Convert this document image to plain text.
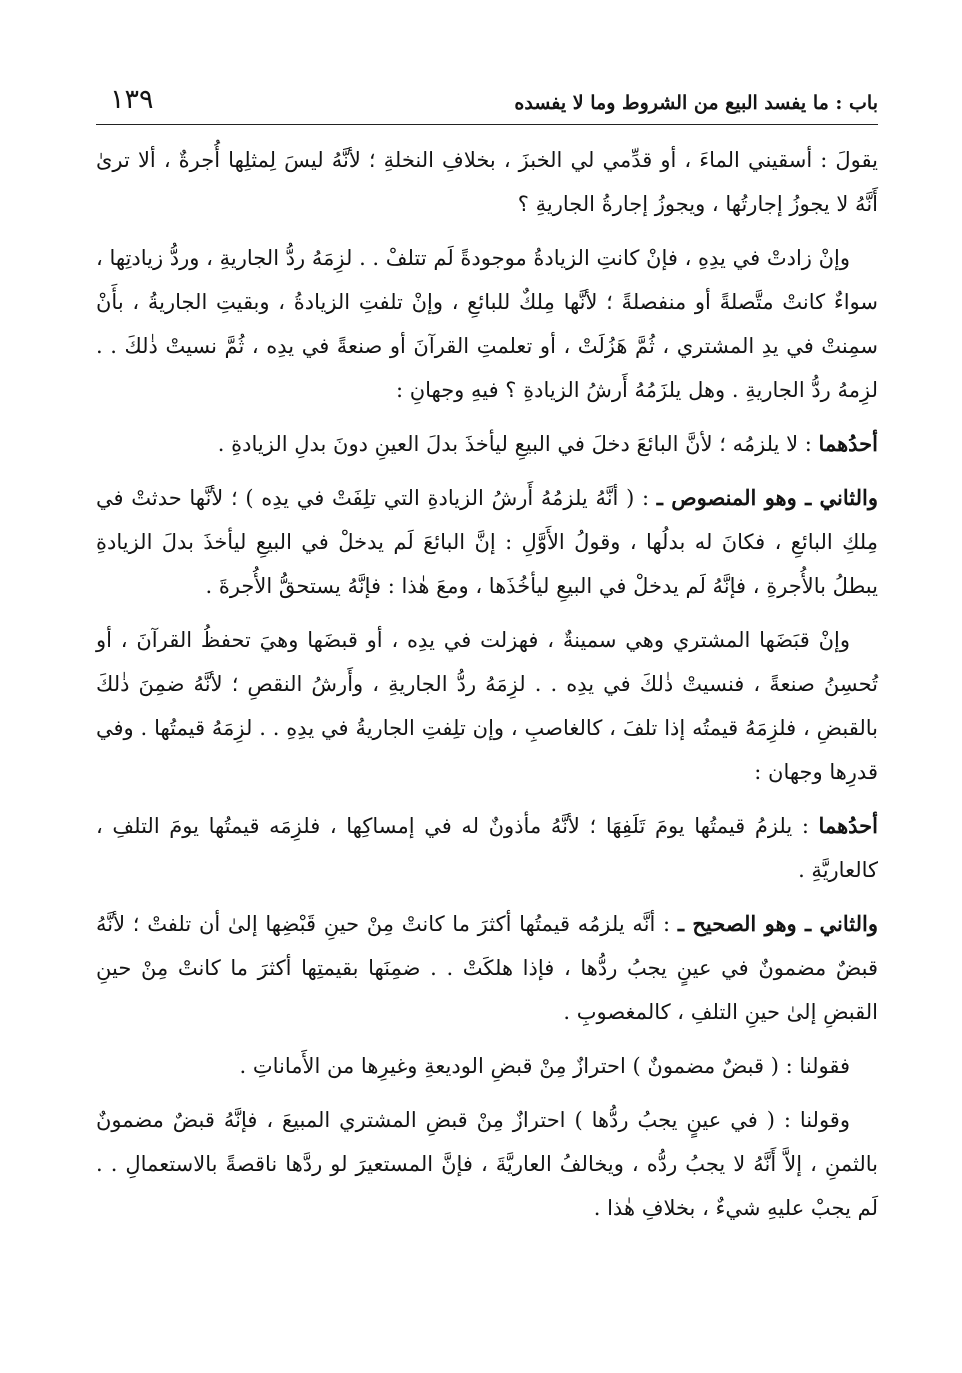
باب : ما يفسد البيع من الشروط وما لا يفسده
١٣٩

يقولَ : أسقيني الماءَ ، أو قدِّمي لي الخبزَ ، بخلافِ النخلةِ ؛ لأنَّهُ ليسَ لِمثلِها أُجرةٌ ، ألا ترىٰ أَنَّهُ لا يجوزُ إجارتُها ، ويجوزُ إجارةُ الجاريةِ ؟

وإنْ زادتْ في يدِهِ ، فإنْ كانتِ الزيادةُ موجودةً لَم تتلفْ . . لزِمَهُ ردُّ الجاريةِ ، وردُّ زيادتِها ، سواءٌ كانتْ متَّصلةً أو منفصلةً ؛ لأنَّها مِلكٌ للبائعِ ، وإنْ تلفتِ الزيادةُ ، وبقيتِ الجاريةُ ، بأَنْ سمِنتْ في يدِ المشتري ، ثُمَّ هَزُلَتْ ، أو تعلمتِ القرآنَ أو صنعةً في يدِه ، ثُمَّ نسيتْ ذٰلكَ . . لزِمهُ ردُّ الجاريةِ . وهل يلزَمُهُ أَرشُ الزيادةِ ؟ فيهِ وجهانِ :

أحدُهما : لا يلزمُه ؛ لأنَّ البائعَ دخلَ في البيعِ ليأخذَ بدلَ العينِ دونَ بدلِ الزيادةِ .

والثاني ـ وهو المنصوص ـ : ( أنَّهُ يلزمُهُ أَرشُ الزيادةِ التي تلِفَتْ في يدِه ) ؛ لأنَّها حدثتْ في مِلكِ البائعِ ، فكانَ له بدلُها ، وقولُ الأَوَّلِ : إنَّ البائعَ لَم يدخلْ في البيعِ ليأخذَ بدلَ الزيادةِ يبطلُ بالأُجرةِ ، فإنَّهُ لَم يدخلْ في البيعِ ليأخُذَها ، ومعَ هٰذا : فإنَّهُ يستحقُّ الأُجرةَ .

وإنْ قبَضَها المشتري وهي سمينةٌ ، فهزلت في يدِه ، أو قبضَها وهيَ تحفظُ القرآنَ ، أو تُحسِنُ صنعةً ، فنسيتْ ذٰلكَ في يدِه . . لزِمَهُ ردُّ الجاريةِ ، وأَرشُ النقصِ ؛ لأنَّهُ ضمِنَ ذٰلكَ بالقبضِ ، فلزِمَهُ قيمتُه إذا تلفَ ، كالغاصبِ ، وإن تلِفتِ الجاريةُ في يدِهِ . . لزِمَهُ قيمتُها . وفي قدرِها وجهان :

أحدُهما : يلزمُ قيمتُها يومَ تَلَفِهَا ؛ لأنَّهُ مأذونٌ له في إمساكِها ، فلزِمَه قيمتُها يومَ التلفِ ، كالعاريَّةِ .

والثاني ـ وهو الصحيح ـ : أنَّه يلزمُه قيمتُها أكثرَ ما كانتْ مِنْ حينِ قَبْضِها إلىٰ أن تلفتْ ؛ لأنَّهُ قبضٌ مضمونٌ في عينٍ يجبُ ردُّها ، فإذا هلكَتْ . . ضمِنَها بقيمتِها أكثرَ ما كانتْ مِنْ حينِ القبضِ إلىٰ حينِ التلفِ ، كالمغصوبِ .

فقولنا : ( قبضٌ مضمونٌ ) احترازٌ مِنْ قبضِ الوديعةِ وغيرِها من الأَماناتِ .

وقولنا : ( في عينٍ يجبُ ردُّها ) احترازٌ مِنْ قبضِ المشتري المبيعَ ، فإنَّهُ قبضٌ مضمونٌ بالثمنِ ، إلاَّ أَنَّهُ لا يجبُ ردُّه ، ويخالفُ العاريَّةَ ، فإنَّ المستعيرَ لو ردَّها ناقصةً بالاستعمالِ . . لَم يجبْ عليهِ شيءٌ ، بخلافِ هٰذا .
